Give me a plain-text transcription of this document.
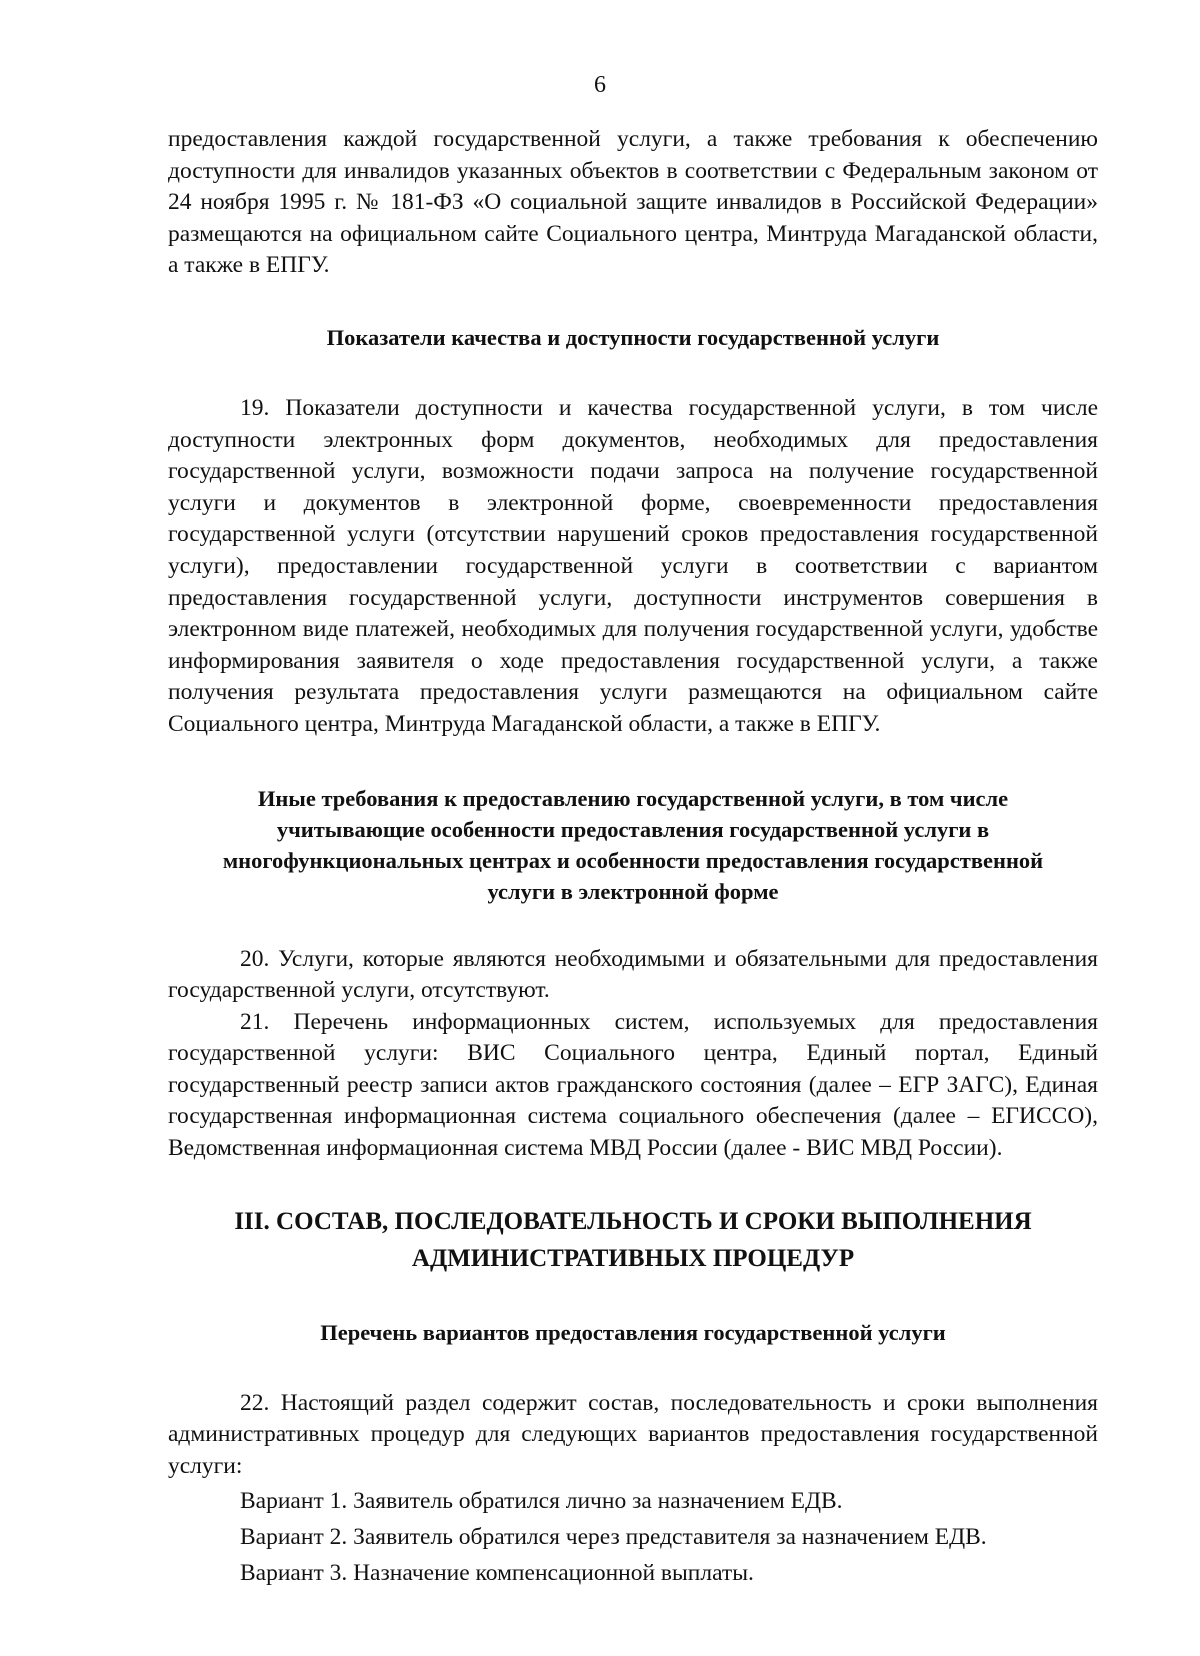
6

предоставления каждой государственной услуги, а также требования к обеспечению доступности для инвалидов указанных объектов в соответствии с Федеральным законом от 24 ноября 1995 г. № 181-ФЗ «О социальной защите инвалидов в Российской Федерации» размещаются на официальном сайте Социального центра, Минтруда Магаданской области, а также в ЕПГУ.

Показатели качества и доступности государственной услуги

19. Показатели доступности и качества государственной услуги, в том числе доступности электронных форм документов, необходимых для предоставления государственной услуги, возможности подачи запроса на получение государственной услуги и документов в электронной форме, своевременности предоставления государственной услуги (отсутствии нарушений сроков предоставления государственной услуги), предоставлении государственной услуги в соответствии с вариантом предоставления государственной услуги, доступности инструментов совершения в электронном виде платежей, необходимых для получения государственной услуги, удобстве информирования заявителя о ходе предоставления государственной услуги, а также получения результата предоставления услуги размещаются на официальном сайте Социального центра, Минтруда Магаданской области, а также в ЕПГУ.

Иные требования к предоставлению государственной услуги, в том числе

учитывающие особенности предоставления государственной услуги в

многофункциональных центрах и особенности предоставления государственной

услуги в электронной форме

20. Услуги, которые являются необходимыми и обязательными для предоставления государственной услуги, отсутствуют.

21. Перечень информационных систем, используемых для предоставления государственной услуги: ВИС Социального центра, Единый портал, Единый государственный реестр записи актов гражданского состояния (далее – ЕГР ЗАГС), Единая государственная информационная система социального обеспечения (далее – ЕГИССО), Ведомственная информационная система МВД России (далее - ВИС МВД России).

III. СОСТАВ, ПОСЛЕДОВАТЕЛЬНОСТЬ И СРОКИ ВЫПОЛНЕНИЯ

АДМИНИСТРАТИВНЫХ ПРОЦЕДУР

Перечень вариантов предоставления государственной услуги

22. Настоящий раздел содержит состав, последовательность и сроки выполнения административных процедур для следующих вариантов предоставления государственной услуги:

Вариант 1. Заявитель обратился лично за назначением ЕДВ.

Вариант 2. Заявитель обратился через представителя за назначением ЕДВ.

Вариант 3. Назначение компенсационной выплаты.
